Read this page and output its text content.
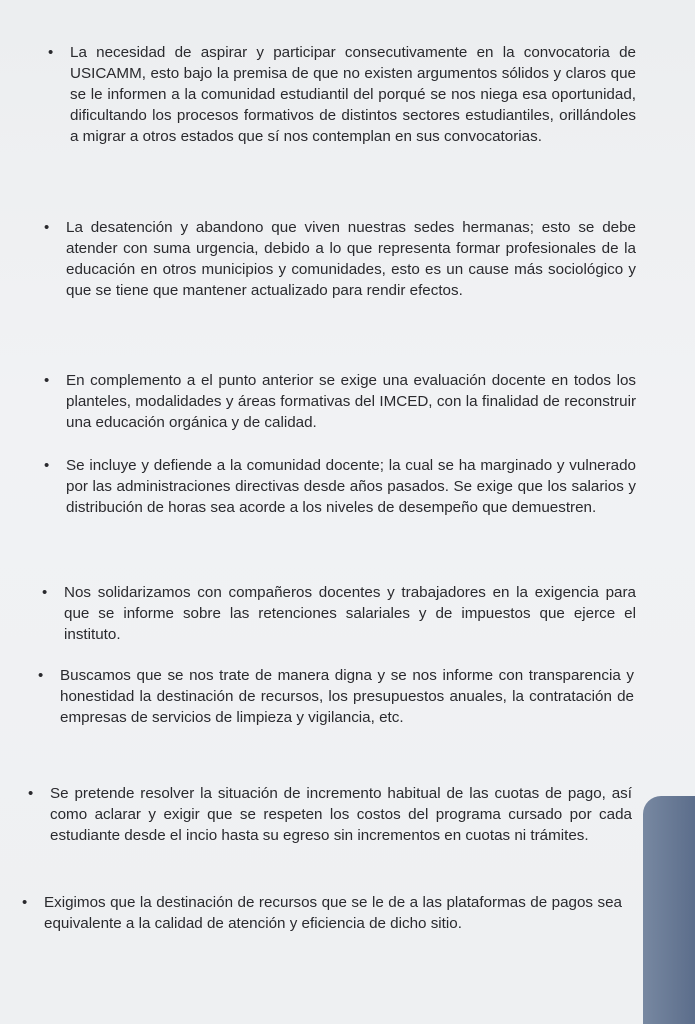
• La necesidad de aspirar y participar consecutivamente en la convocatoria de USICAMM, esto bajo la premisa de que no existen argumentos sólidos y claros que se le informen a la comunidad estudiantil del porqué se nos niega esa oportunidad, dificultando los procesos formativos de distintos sectores estudiantiles, orillándoles a migrar a otros estados que sí nos contemplan en sus convocatorias.
• La desatención y abandono que viven nuestras sedes hermanas; esto se debe atender con suma urgencia, debido a lo que representa formar profesionales de la educación en otros municipios y comunidades, esto es un cause más sociológico y que se tiene que mantener actualizado para rendir efectos.
• En complemento a el punto anterior se exige una evaluación docente en todos los planteles, modalidades y áreas formativas del IMCED, con la finalidad de reconstruir una educación orgánica y de calidad.
• Se incluye y defiende a la comunidad docente; la cual se ha marginado y vulnerado por las administraciones directivas desde años pasados. Se exige que los salarios y distribución de horas sea acorde a los niveles de desempeño que demuestren.
• Nos solidarizamos con compañeros docentes y trabajadores en la exigencia para que se informe sobre las retenciones salariales y de impuestos que ejerce el instituto.
• Buscamos que se nos trate de manera digna y se nos informe con transparencia y honestidad la destinación de recursos, los presupuestos anuales, la contratación de empresas de servicios de limpieza y vigilancia, etc.
• Se pretende resolver la situación de incremento habitual de las cuotas de pago, así como aclarar y exigir que se respeten los costos del programa cursado por cada estudiante desde el incio hasta su egreso sin incrementos en cuotas ni trámites.
• Exigimos que la destinación de recursos que se le de a las plataformas de pagos sea equivalente a la calidad de atención y eficiencia de dicho sitio.
